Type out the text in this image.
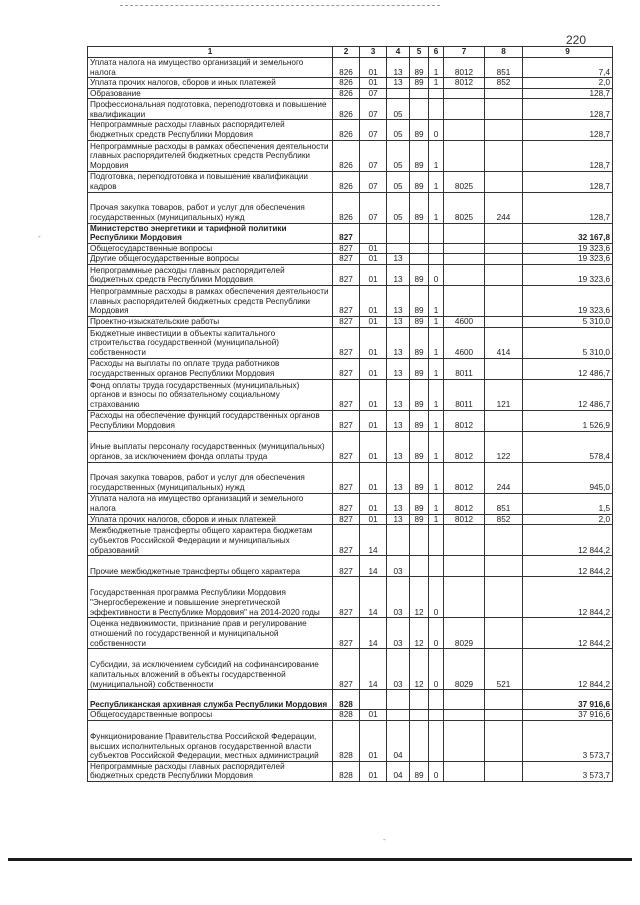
220
1	2	3	4	5	6	7	8	9
Уплата налога на имущество организаций и земельного налога	826	01	13	89	1	8012	851	7,4
Уплата прочих налогов, сборов и иных платежей	826	01	13	89	1	8012	852	2,0
Образование	826	07						128,7
Профессиональная подготовка, переподготовка и повышение квалификации	826	07	05					128,7
Непрограммные расходы главных распорядителей бюджетных средств Республики Мордовия	826	07	05	89	0			128,7
Непрограммные расходы в рамках обеспечения деятельности главных распорядителей бюджетных средств Республики Мордовия	826	07	05	89	1			128,7
Подготовка, переподготовка и повышение квалификации кадров	826	07	05	89	1	8025		128,7
Прочая закупка товаров, работ и услуг для обеспечения государственных (муниципальных) нужд	826	07	05	89	1	8025	244	128,7
Министерство энергетики и тарифной политики Республики Мордовия	827							32 167,8
Общегосударственные вопросы	827	01						19 323,6
Другие общегосударственные вопросы	827	01	13					19 323,6
Непрограммные расходы главных распорядителей бюджетных средств Республики Мордовия	827	01	13	89	0			19 323,6
Непрограммные расходы в рамках обеспечения деятельности главных распорядителей бюджетных средств Республики Мордовия	827	01	13	89	1			19 323,6
Проектно-изыскательские работы	827	01	13	89	1	4600		5 310,0
Бюджетные инвестиции в объекты капитального строительства государственной (муниципальной) собственности	827	01	13	89	1	4600	414	5 310,0
Расходы на выплаты по оплате труда работников государственных органов Республики Мордовия	827	01	13	89	1	8011		12 486,7
Фонд оплаты труда государственных (муниципальных) органов и взносы по обязательному социальному страхованию	827	01	13	89	1	8011	121	12 486,7
Расходы на обеспечение функций государственных органов Республики Мордовия	827	01	13	89	1	8012		1 526,9
Иные выплаты персоналу государственных (муниципальных) органов, за исключением фонда оплаты труда	827	01	13	89	1	8012	122	578,4
Прочая закупка товаров, работ и услуг для обеспечения государственных (муниципальных) нужд	827	01	13	89	1	8012	244	945,0
Уплата налога на имущество организаций и земельного налога	827	01	13	89	1	8012	851	1,5
Уплата прочих налогов, сборов и иных платежей	827	01	13	89	1	8012	852	2,0
Межбюджетные трансферты общего характера бюджетам субъектов Российской Федерации и муниципальных образований	827	14						12 844,2
Прочие межбюджетные трансферты общего характера	827	14	03					12 844,2
Государственная программа Республики Мордовия "Энергосбережение и повышение энергетической эффективности в Республике Мордовия" на 2014-2020 годы	827	14	03	12	0			12 844,2
Оценка недвижимости, признание прав и регулирование отношений по государственной и муниципальной собственности	827	14	03	12	0	8029		12 844,2
Субсидии, за исключением субсидий на софинансирование капитальных вложений в объекты государственной (муниципальной) собственности	827	14	03	12	0	8029	521	12 844,2
Республиканская архивная служба Республики Мордовия	828							37 916,6
Общегосударственные вопросы	828	01						37 916,6
Функционирование Правительства Российской Федерации, высших исполнительных органов государственной власти субъектов Российской Федерации, местных администраций	828	01	04					3 573,7
Непрограммные расходы главных распорядителей бюджетных средств Республики Мордовия	828	01	04	89	0			3 573,7
-
-
